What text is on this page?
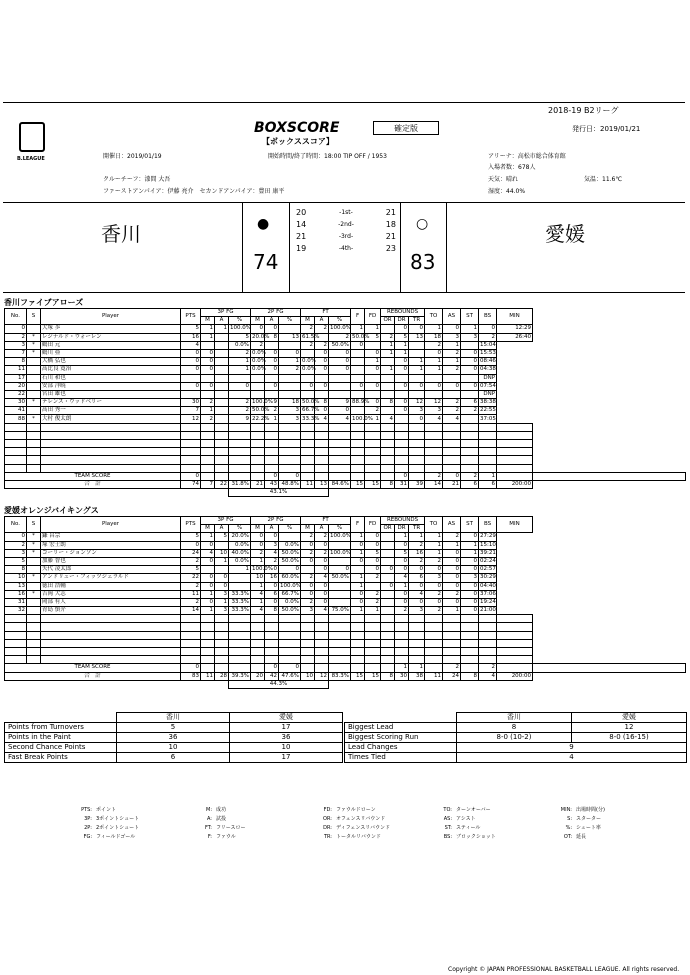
2018-19 B2リーグ
B.LEAGUE
BOXSCORE
【ボックススコア】
確定版	発行日：2019/01/21
開催日：2019/01/19	開始時間/終了時間：18:00 TIP OFF / 1953	アリーナ：高松市総合体育館
入場者数：678人
クルーチーフ：漆間 大吾	天気：晴れ	気温：11.6℃
ファーストアンパイア：伊藤 亮介　セカンドアンパイア：豊田 康平	湿度：44.0%
香川	愛媛
●	○
74	83
20	-1st-	21
14	-2nd-	18
21	-3rd-	21
19	-4th-	23
香川ファイブアローズ
No.	S	Player	PTS	3P FG			2P FG			FT			F	FD	REBOUNDS			TO	AS	ST	BS	MIN	
				M	A	%	M	A	%	M	A	%			OR	DR	TR						
0		大塚 歩	5	1	1	100.0%	0	0		2	2	100.0%	1	1		0	0	1	0	1	0	12:29	
2	*	レジナルド・ウォーレン	16	1		5	20.0%	8	13	61.5%		2	50.0%	5	2	5	13	18	3	3	2	26:40	
3	*	鶴田 元	4			0.0%	2			2	2	50.0%	0		1	1		2	1		15:04		
7	*	鶴川 亜	0	0		2	0.0%	0	0		0	0		0	1	1		0	2	0	15:53		
8		大橋 弘也	0	0		1	0.0%	0	1	0.0%	0	0		1		0	1	1	1	0	08:46		
11		高比良 寛治	0	0		1	0.0%	0	2	0.0%	0	0		0	1	0	1	1	2	0	04:38		
17		石川 和也																			DNP		
20		安部 洋暁	0	0		0		0		0	0		0	0		0	0	0	0	0	07:54		
22		宮田 雄也																			DNP		
30	*	テレンス・ウッドベリー	30	2		2	100.0%	9	18	50.0%	8	9	88.9%	0	8	0	12	12	2	6	38:38		
41		高田 秀一	7	1		2	50.0%	2	3	66.7%	0	0		2		0	3	3	2	2	22:55		
88	*	大村 俊太朗	12	2		9	22.2%	1	3	33.3%	4	4	100.0%	1	4		0	4	4		37:05		

TEAM SCORE			0					0	0							0		2	0	2	1		
合　計			74	7	22	31.8%	21	43	48.8%	11	13	84.6%	15	15	8	31	39	14	21	6	6	200:00	
						43.1%																	
愛媛オレンジバイキングス
No.	S	Player	PTS	3P FG			2P FG			FT			F	FD	REBOUNDS			TO	AS	ST	BS	MIN	
				M	A	%	M	A	%	M	A	%			OR	DR	TR						
0	*	鎌 昌宗	5	1	5	20.0%	0	0		2	2	100.0%	1	0		1	1	1	2	0	27:29		
2	*	塚 宏士朗	0	0		0.0%	0	3	0.0%	0	0		0	0		0	2	1	1	1	15:10		
3	*	コーリー・ジョンソン	24	4	10	40.0%	2	4	50.0%	2	2	100.0%	1	5		5	16	1	0	1	39:21		
5		加藤 智也	2	0	1	0.0%	1	2	50.0%	0	0		0	0		0	2	2	0	0	02:24		
8		矢代 凌太郎	5			1	100.0%	0	0		0	0		0	0	0	0	0	0	0	02:57		
10	*	アンドリュー・フィッツジェラルド	22	0	0		10	16	60.0%	2	4	50.0%	1	2		4	6	3	0	3	30:29		
13		徳田 浩輔	2	0	0		1	0	100.0%	0	0		1		0	1	0	0	0	0	04:40		
16	*	吉岡 大志	11	1	3	33.3%	4	6	66.7%	0	0		0	2		0	4	2	2	0	37:06		
31		岡部 有人	2	0	1	33.3%	1	0	0.0%	2	0		0	2		0	0	0	0	0	19:24		
32		青島 慎介	14	1	3	33.3%	4	8	50.0%	3	4	75.0%	1	1		2	3	2	1	0	21:00		

TEAM SCORE			0					0	0							1	1		2		2		
合　計			83	11	28	39.3%	20	42	47.6%	10	12	83.3%	15	15	8	30	38	11	24	8	4	200:00	
						44.3%																	
	香川	愛媛
Points from Turnovers	5	17
Points in the Paint	36	36
Second Chance Points	10	10
Fast Break Points	6	17
	香川	愛媛
Biggest Lead	8	12
Biggest Scoring Run	8-0 (10-2)	8-0 (16-15)
Lead Changes	9	
Times Tied	4	
PTS: ポイント	M: 成功	FD: ファウルドローン	TO: ターンオーバー	MIN: 出場時間(分)
3P: 3ポイントシュート	A: 試投	OR: オフェンスリバウンド	AS: アシスト	S: スターター
2P: 2ポイントシュート	FT: フリースロー	DR: ディフェンスリバウンド	ST: スティール	%: シュート率
FG: フィールドゴール	F: ファウル	TR: トータルリバウンド	BS: ブロックショット	OT: 延長
Copyright © JAPAN PROFESSIONAL BASKETBALL LEAGUE. All rights reserved.
